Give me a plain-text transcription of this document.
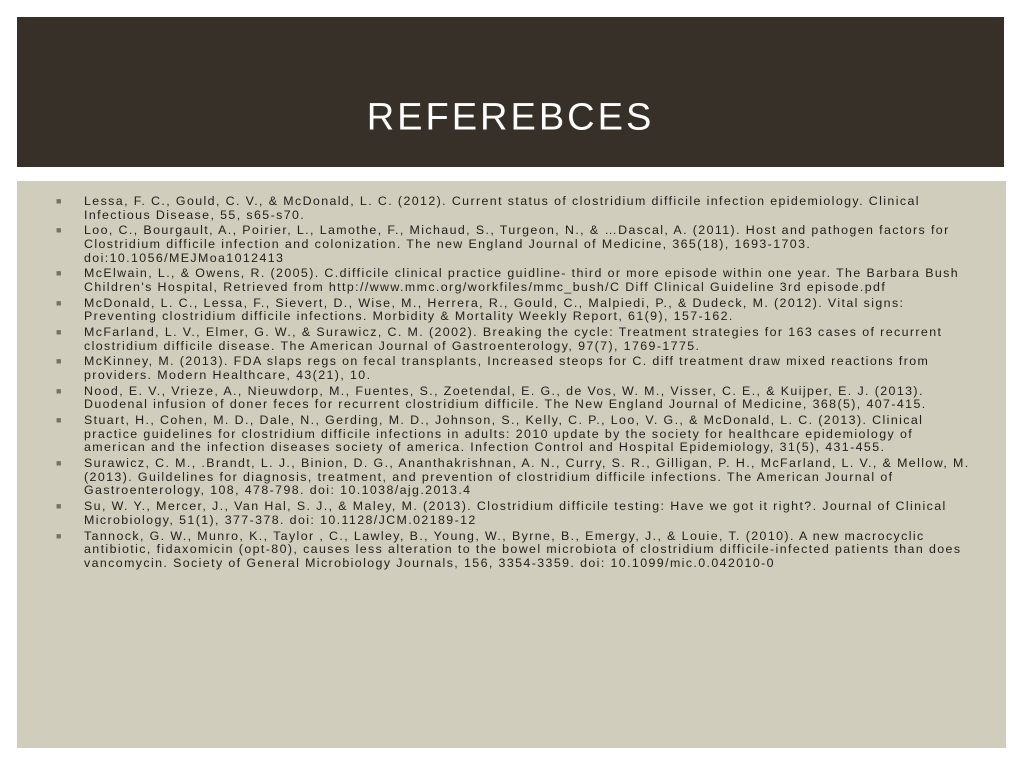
REFEREBCES
■ Lessa, F. C., Gould, C. V., & McDonald, L. C. (2012). Current status of clostridium difficile infection epidemiology. Clinical Infectious Disease, 55, s65-s70.
■ Loo, C., Bourgault, A., Poirier, L., Lamothe, F., Michaud, S., Turgeon, N., & …Dascal, A. (2011). Host and pathogen factors for Clostridium difficile infection and colonization. The new England Journal of Medicine, 365(18), 1693-1703. doi:10.1056/MEJMoa1012413
■ McElwain, L., & Owens, R. (2005). C.difficile clinical practice guidline- third or more episode within one year. The Barbara Bush Children's Hospital, Retrieved from http://www.mmc.org/workfiles/mmc_bush/C Diff Clinical Guideline 3rd episode.pdf
■ McDonald, L. C., Lessa, F., Sievert, D., Wise, M., Herrera, R., Gould, C., Malpiedi, P., & Dudeck, M. (2012). Vital signs: Preventing clostridium difficile infections. Morbidity & Mortality Weekly Report, 61(9), 157-162.
■ McFarland, L. V., Elmer, G. W., & Surawicz, C. M. (2002). Breaking the cycle: Treatment strategies for 163 cases of recurrent clostridium difficile disease. The American Journal of Gastroenterology, 97(7), 1769-1775.
■ McKinney, M. (2013). FDA slaps regs on fecal transplants, Increased steops for C. diff treatment draw mixed reactions from providers. Modern Healthcare, 43(21), 10.
■ Nood, E. V., Vrieze, A., Nieuwdorp, M., Fuentes, S., Zoetendal, E. G., de Vos, W. M., Visser, C. E., & Kuijper, E. J. (2013). Duodenal infusion of doner feces for recurrent clostridium difficile. The New England Journal of Medicine, 368(5), 407-415.
■ Stuart, H., Cohen, M. D., Dale, N., Gerding, M. D., Johnson, S., Kelly, C. P., Loo, V. G., & McDonald, L. C. (2013). Clinical practice guidelines for clostridium difficile infections in adults: 2010 update by the society for healthcare epidemiology of american and the infection diseases society of america. Infection Control and Hospital Epidemiology, 31(5), 431-455.
■ Surawicz, C. M., .Brandt, L. J., Binion, D. G., Ananthakrishnan, A. N., Curry, S. R., Gilligan, P. H., McFarland, L. V., & Mellow, M. (2013). Guildelines for diagnosis, treatment, and prevention of clostridium difficile infections. The American Journal of Gastroenterology, 108, 478-798. doi: 10.1038/ajg.2013.4
■ Su, W. Y., Mercer, J., Van Hal, S. J., & Maley, M. (2013). Clostridium difficile testing: Have we got it right?. Journal of Clinical Microbiology, 51(1), 377-378. doi: 10.1128/JCM.02189-12
■ Tannock, G. W., Munro, K., Taylor , C., Lawley, B., Young, W., Byrne, B., Emergy, J., & Louie, T. (2010). A new macrocyclic antibiotic, fidaxomicin (opt-80), causes less alteration to the bowel microbiota of clostridium difficile-infected patients than does vancomycin. Society of General Microbiology Journals, 156, 3354-3359. doi: 10.1099/mic.0.042010-0
